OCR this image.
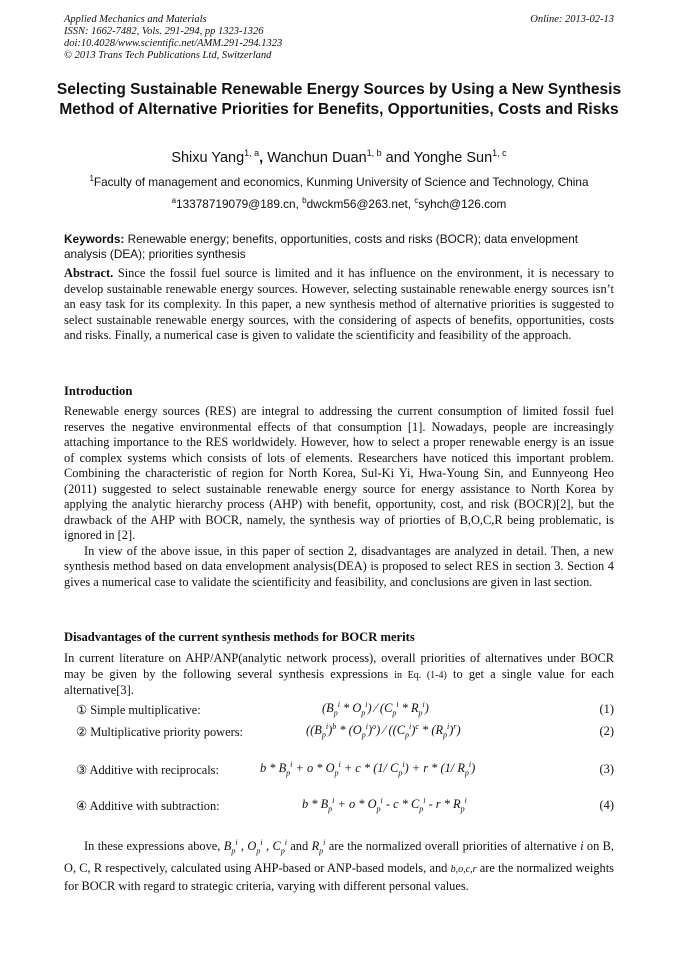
Applied Mechanics and Materials
ISSN: 1662-7482, Vols. 291-294, pp 1323-1326
doi:10.4028/www.scientific.net/AMM.291-294.1323
© 2013 Trans Tech Publications Ltd, Switzerland
Online: 2013-02-13
Selecting Sustainable Renewable Energy Sources by Using a New Synthesis Method of Alternative Priorities for Benefits, Opportunities, Costs and Risks
Shixu Yang$^{1, a}$, Wanchun Duan$^{1, b}$ and Yonghe Sun$^{1, c}$
$^1$Faculty of management and economics, Kunming University of Science and Technology, China
$^a$13378719079@189.cn, $^b$dwckm56@263.net, $^c$syhch@126.com
Keywords: Renewable energy; benefits, opportunities, costs and risks (BOCR); data envelopment analysis (DEA); priorities synthesis
Abstract. Since the fossil fuel source is limited and it has influence on the environment, it is necessary to develop sustainable renewable energy sources. However, selecting sustainable renewable energy sources isn’t an easy task for its complexity. In this paper, a new synthesis method of alternative priorities is suggested to select sustainable renewable energy sources, with the considering of aspects of benefits, opportunities, costs and risks. Finally, a numerical case is given to validate the scientificity and feasibility of the approach.
Introduction
Renewable energy sources (RES) are integral to addressing the current consumption of limited fossil fuel reserves the negative environmental effects of that consumption [1]. Nowadays, people are increasingly attaching importance to the RES worldwidely. However, how to select a proper renewable energy is an issue of complex systems which consists of lots of elements. Researchers have noticed this important problem. Combining the characteristic of region for North Korea, Sul-Ki Yi, Hwa-Young Sin, and Eunnyeong Heo (2011) suggested to select sustainable renewable energy source for energy assistance to North Korea by applying the analytic hierarchy process (AHP) with benefit, opportunity, cost, and risk (BOCR)[2], but the drawback of the AHP with BOCR, namely, the synthesis way of priorties of B,O,C,R being problematic, is ignored in [2].
In view of the above issue, in this paper of section 2, disadvantages are analyzed in detail. Then, a new synthesis method based on data envelopment analysis(DEA) is proposed to select RES in section 3. Section 4 gives a numerical case to validate the scientificity and feasibility, and conclusions are given in last section.
Disadvantages of the current synthesis methods for BOCR merits
In current literature on AHP/ANP(analytic network process), overall priorities of alternatives under BOCR may be given by the following several synthesis expressions in Eq. (1-4) to get a single value for each alternative[3].
① Simple multiplicative:	$(B_p^i * O_p^i)$ ⁄ $(C_p^i * R_p^i)$	(1)
② Multiplicative priority powers:	$((B_p^i)^b * (O_p^i)^o)$ ⁄ $((C_p^i)^c * (R_p^i)^r)$	(2)
③ Additive with reciprocals:	$b * B_p^i + o * O_p^i + c * (1/$ $C_p^i) + r * (1/$ $R_p^i$)	(3)
④ Additive with subtraction:	$b * B_p^i + o * O_p^i - c * C_p^i - r * R_p^i$	(4)
In these expressions above, $B_p^i$ , $O_p^i$ , $C_p^i$ and $R_p^i$ are the normalized overall priorities of alternative i on B, O, C, R respectively, calculated using AHP-based or ANP-based models, and b,o,c,r are the normalized weights for BOCR with regard to strategic criteria, varying with different personal values.
